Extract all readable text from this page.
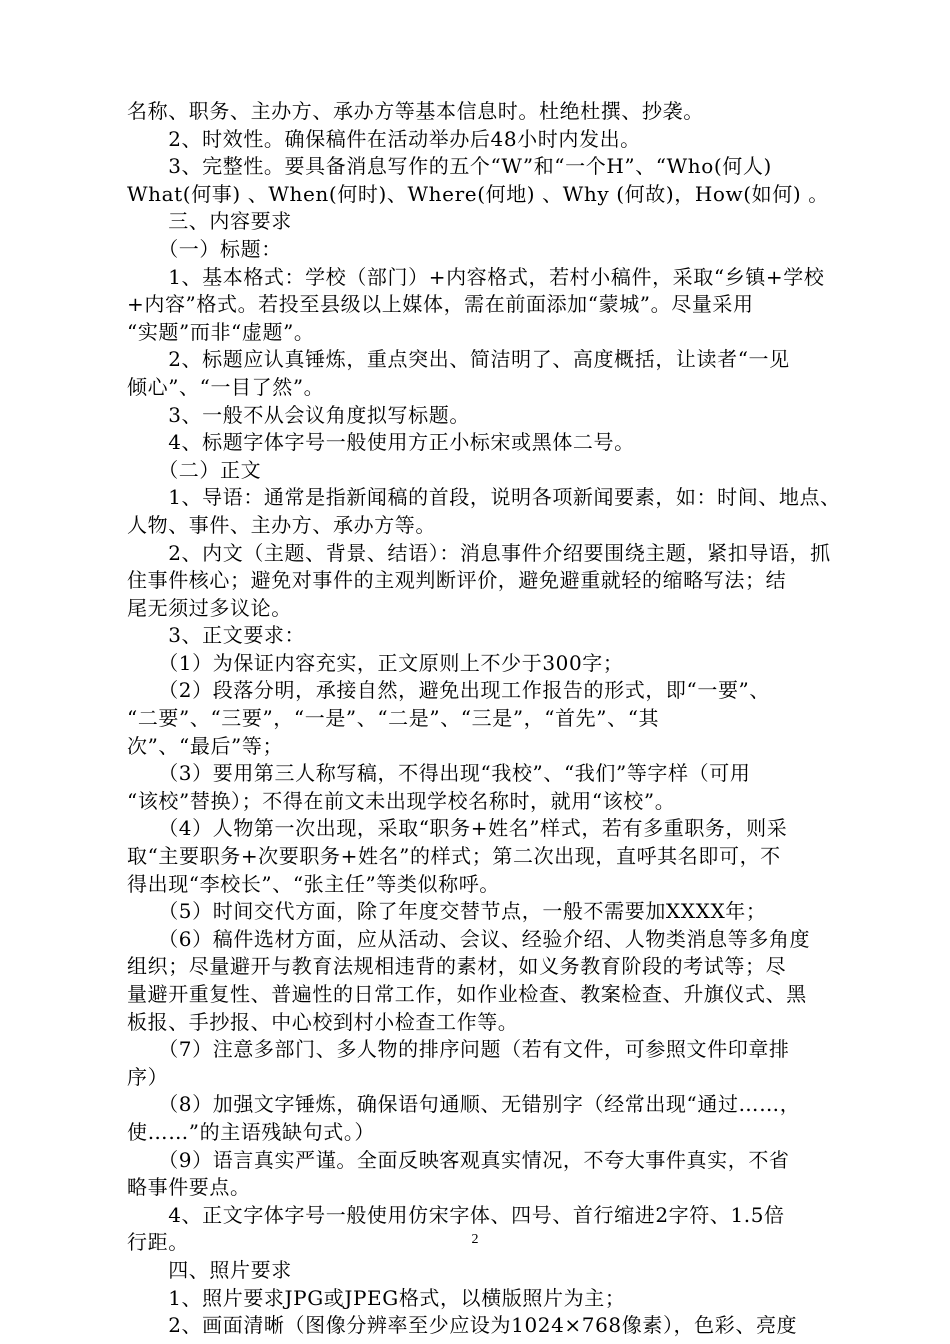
名称、职务、主办方、承办方等基本信息时。杜绝杜撰、抄袭。
　　2、时效性。确保稿件在活动举办后48小时内发出。
　　3、完整性。要具备消息写作的五个“W”和“一个H”、“Who(何人)
What(何事) 、When(何时)、Where(何地) 、Why (何故)，How(如何) 。
　　三、内容要求
　　（一）标题：
　　1、基本格式：学校（部门）+内容格式，若村小稿件，采取“乡镇+学校
+内容”格式。若投至县级以上媒体，需在前面添加“蒙城”。尽量采用
“实题”而非“虚题”。
　　2、标题应认真锤炼，重点突出、简洁明了、高度概括，让读者“一见
倾心”、“一目了然”。
　　3、一般不从会议角度拟写标题。
　　4、标题字体字号一般使用方正小标宋或黑体二号。
　　（二）正文
　　1、导语：通常是指新闻稿的首段，说明各项新闻要素，如：时间、地点、
人物、事件、主办方、承办方等。
　　2、内文（主题、背景、结语）：消息事件介绍要围绕主题，紧扣导语，抓
住事件核心；避免对事件的主观判断评价，避免避重就轻的缩略写法；结
尾无须过多议论。
　　3、正文要求：
　　（1）为保证内容充实，正文原则上不少于300字；
　　（2）段落分明，承接自然，避免出现工作报告的形式，即“一要”、
“二要”、“三要”，“一是”、“二是”、“三是”，“首先”、“其
次”、“最后”等；
　　（3）要用第三人称写稿，不得出现“我校”、“我们”等字样（可用
“该校”替换）；不得在前文未出现学校名称时，就用“该校”。
　　（4）人物第一次出现，采取“职务+姓名”样式，若有多重职务，则采
取“主要职务+次要职务+姓名”的样式；第二次出现，直呼其名即可，不
得出现“李校长”、“张主任”等类似称呼。
　　（5）时间交代方面，除了年度交替节点，一般不需要加XXXX年；
　　（6）稿件选材方面，应从活动、会议、经验介绍、人物类消息等多角度
组织；尽量避开与教育法规相违背的素材，如义务教育阶段的考试等；尽
量避开重复性、普遍性的日常工作，如作业检查、教案检查、升旗仪式、黑
板报、手抄报、中心校到村小检查工作等。
　　（7）注意多部门、多人物的排序问题（若有文件，可参照文件印章排
序）
　　（8）加强文字锤炼，确保语句通顺、无错别字（经常出现“通过……，
使……”的主语残缺句式。）
　　（9）语言真实严谨。全面反映客观真实情况，不夸大事件真实，不省
略事件要点。
　　4、正文字体字号一般使用仿宋字体、四号、首行缩进2字符、1.5倍
行距。
　　四、照片要求
　　1、照片要求JPG或JPEG格式，以横版照片为主；
　　2、画面清晰（图像分辨率至少应设为1024×768像素），色彩、亮度
2
